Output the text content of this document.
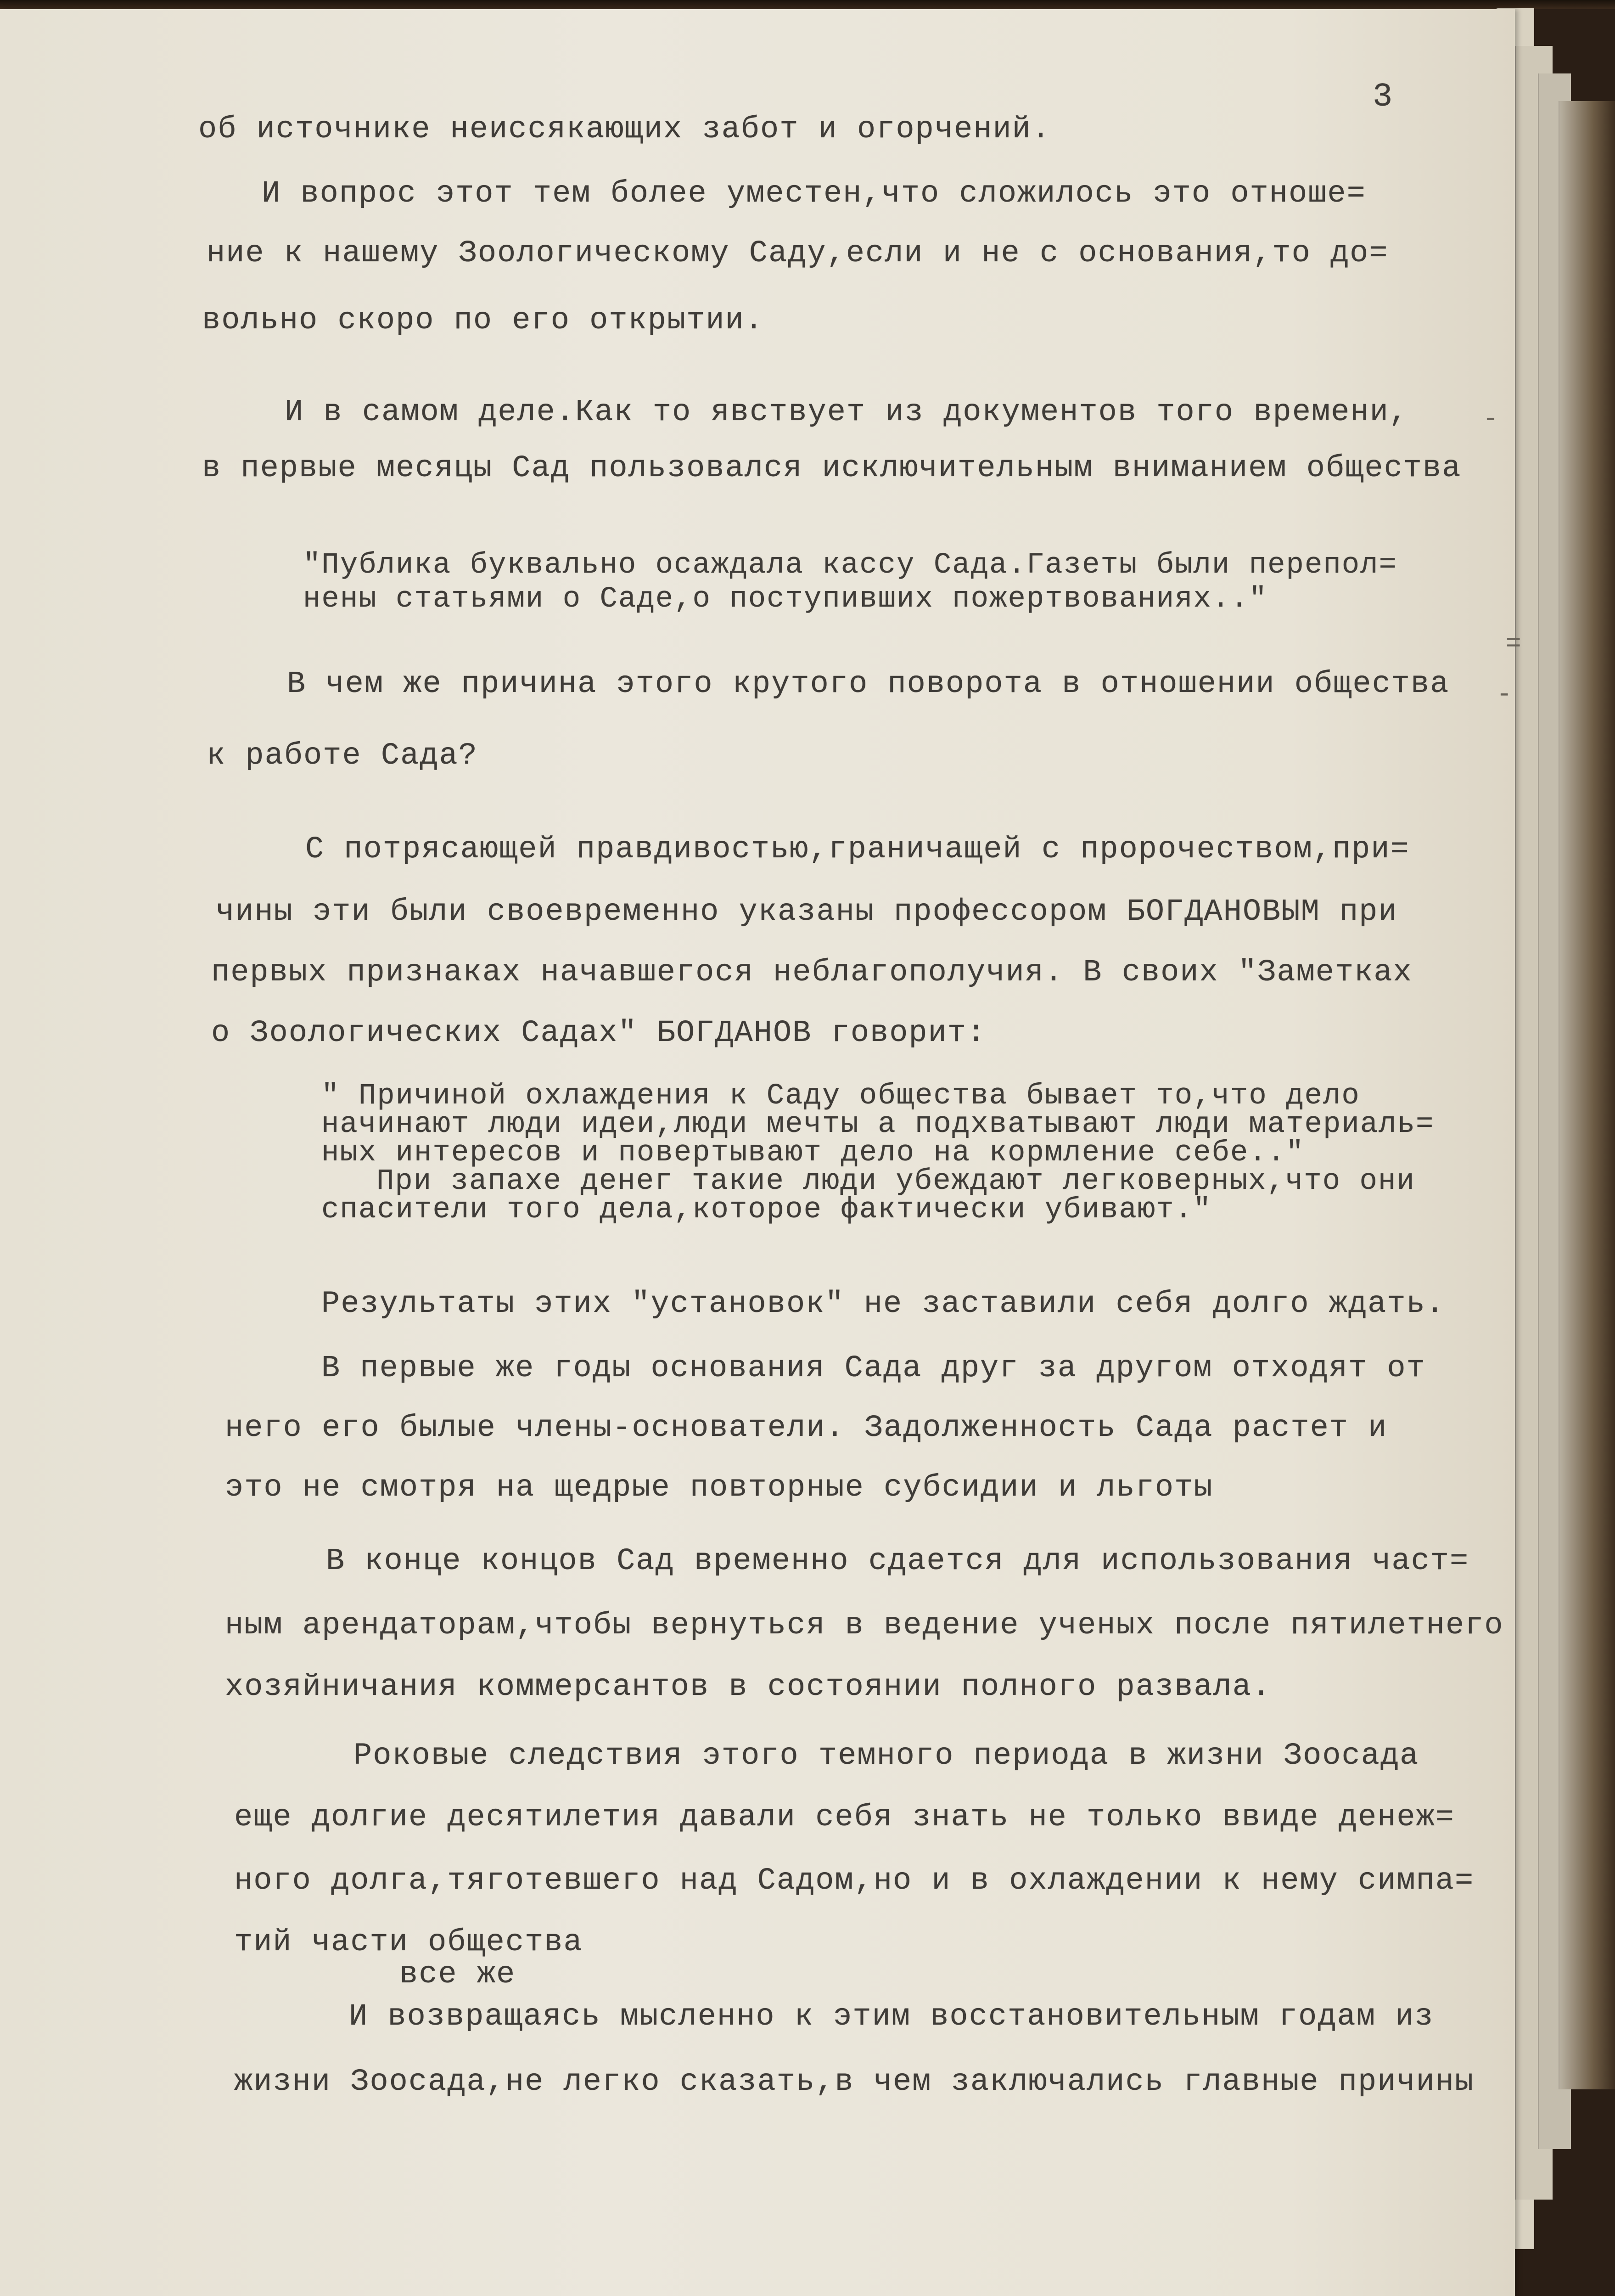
3
об источнике неиссякающих забот и огорчений.
И вопрос этот тем более уместен,что сложилось это отноше=
ние к нашему Зоологическому Саду,если и не с основания,то до=
вольно скоро по его открытии.
И в самом деле.Как то явствует из документов того времени,
в первые месяцы Сад пользовался исключительным вниманием общества
"Публика буквально осаждала кассу Сада.Газеты были перепол=
нены статьями о Саде,о поступивших пожертвованиях.."
В чем же причина этого крутого поворота в отношении общества
к работе Сада?
С потрясающей правдивостью,граничащей с пророчеством,при=
чины эти были своевременно указаны профессором БОГДАНОВЫМ при
первых признаках начавшегося неблагополучия. В своих "Заметках
о Зоологических Садах" БОГДАНОВ говорит:
" Причиной охлаждения к Саду общества бывает то,что дело
начинают люди идеи,люди мечты а подхватывают люди материаль=
ных интересов и повертывают дело на кормление себе.."
При запахе денег такие люди убеждают легковерных,что они
спасители того дела,которое фактически убивают."
Результаты этих "установок" не заставили себя долго ждать.
В первые же годы основания Сада друг за другом отходят от
него его былые члены-основатели. Задолженность Сада растет и
это не смотря на щедрые повторные субсидии и льготы
В конце концов Сад временно сдается для использования част=
ным арендаторам,чтобы вернуться в ведение ученых после пятилетнего
хозяйничания коммерсантов в состоянии полного развала.
Роковые следствия этого темного периода в жизни Зоосада
еще долгие десятилетия давали себя знать не только ввиде денеж=
ного долга,тяготевшего над Садом,но и в охлаждении к нему симпа=
тий части общества
все же
И возвращаясь мысленно к этим восстановительным годам из
жизни Зоосада,не легко сказать,в чем заключались главные причины
-
=
-
